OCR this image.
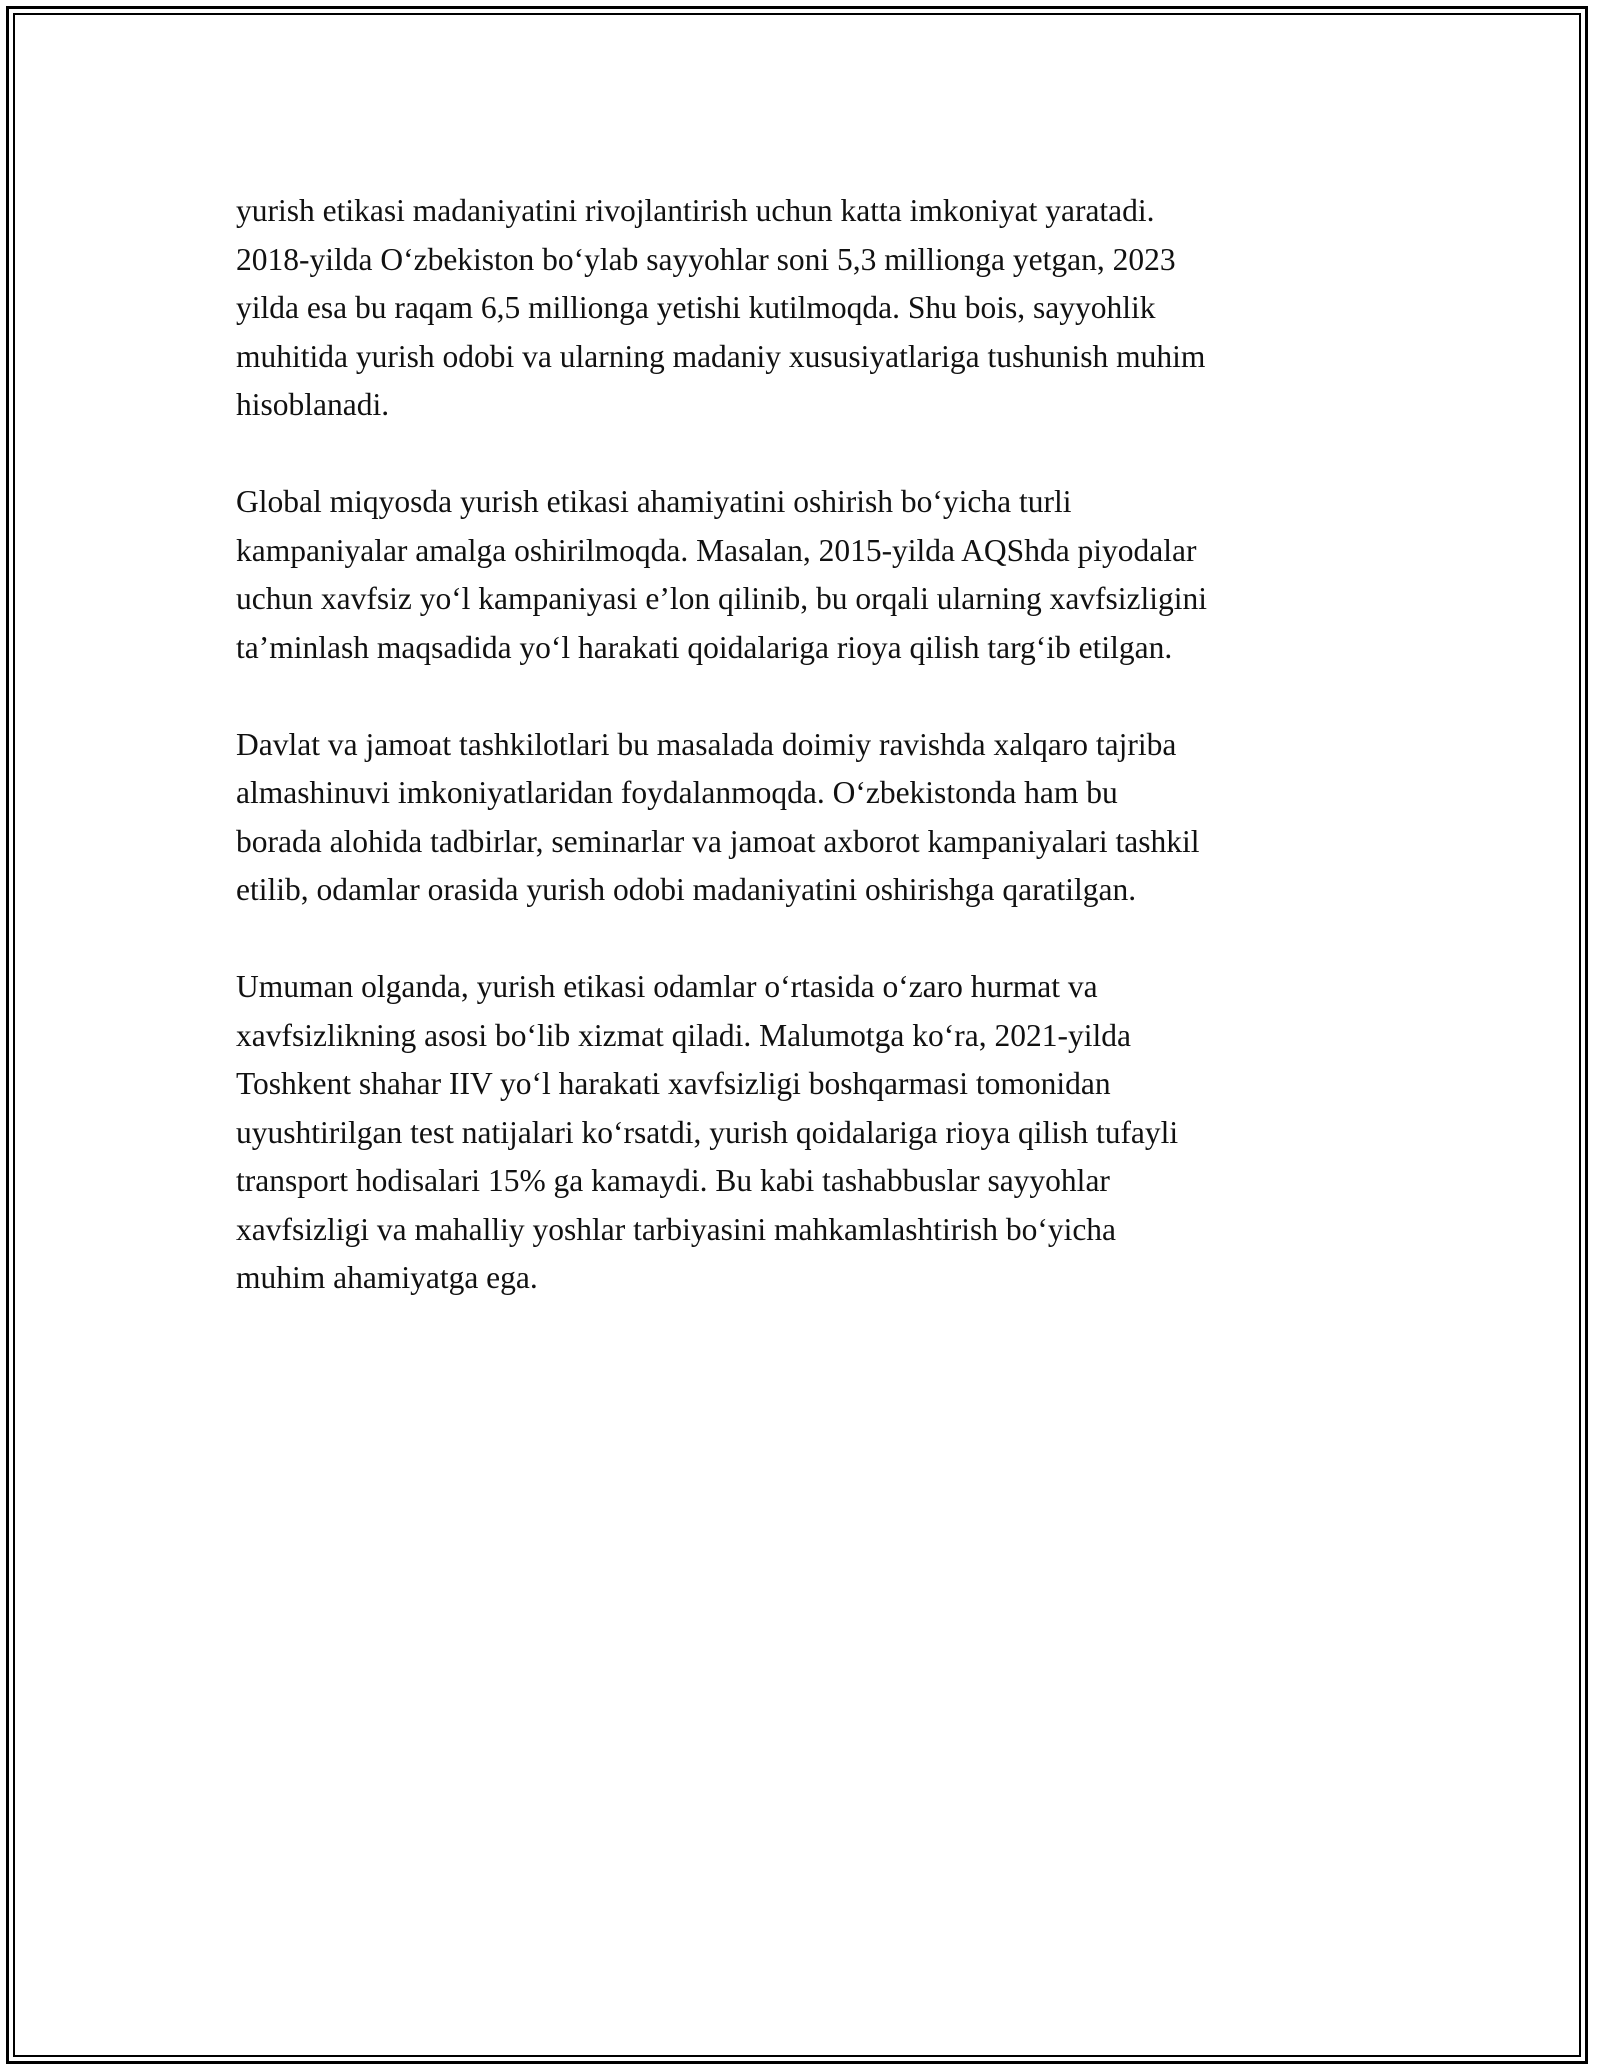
yurish etikasi madaniyatini rivojlantirish uchun katta imkoniyat yaratadi.
2018-yilda O‘zbekiston bo‘ylab sayyohlar soni 5,3 millionga yetgan, 2023
yilda esa bu raqam 6,5 millionga yetishi kutilmoqda. Shu bois, sayyohlik
muhitida yurish odobi va ularning madaniy xususiyatlariga tushunish muhim
hisoblanadi.

Global miqyosda yurish etikasi ahamiyatini oshirish bo‘yicha turli
kampaniyalar amalga oshirilmoqda. Masalan, 2015-yilda AQShda piyodalar
uchun xavfsiz yo‘l kampaniyasi e’lon qilinib, bu orqali ularning xavfsizligini
ta’minlash maqsadida yo‘l harakati qoidalariga rioya qilish targ‘ib etilgan.

Davlat va jamoat tashkilotlari bu masalada doimiy ravishda xalqaro tajriba
almashinuvi imkoniyatlaridan foydalanmoqda. O‘zbekistonda ham bu
borada alohida tadbirlar, seminarlar va jamoat axborot kampaniyalari tashkil
etilib, odamlar orasida yurish odobi madaniyatini oshirishga qaratilgan.

Umuman olganda, yurish etikasi odamlar o‘rtasida o‘zaro hurmat va
xavfsizlikning asosi bo‘lib xizmat qiladi. Malumotga ko‘ra, 2021-yilda
Toshkent shahar IIV yo‘l harakati xavfsizligi boshqarmasi tomonidan
uyushtirilgan test natijalari ko‘rsatdi, yurish qoidalariga rioya qilish tufayli
transport hodisalari 15% ga kamaydi. Bu kabi tashabbuslar sayyohlar
xavfsizligi va mahalliy yoshlar tarbiyasini mahkamlashtirish bo‘yicha
muhim ahamiyatga ega.
